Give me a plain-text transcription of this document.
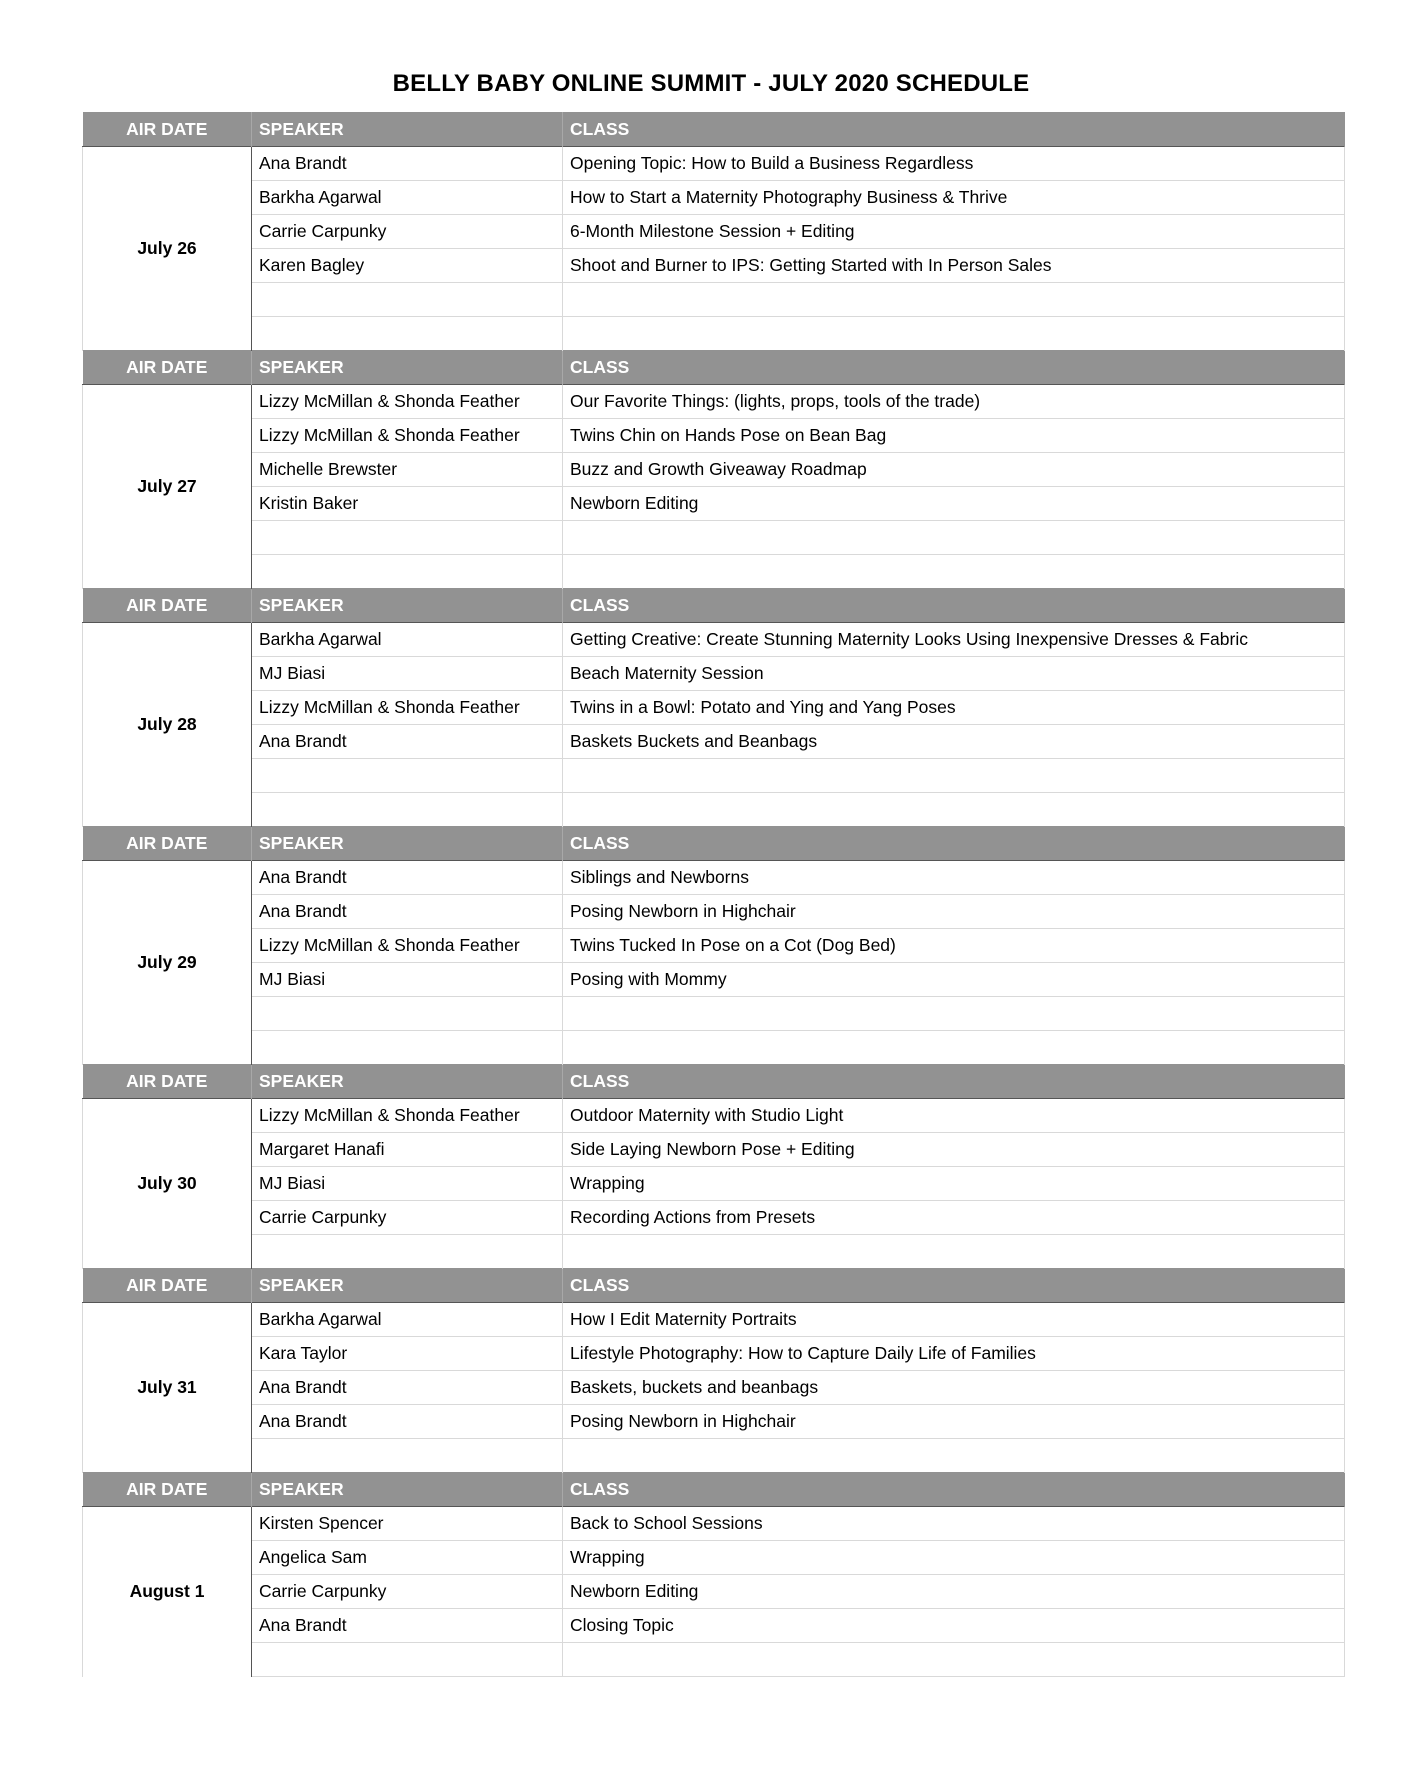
BELLY BABY ONLINE SUMMIT - JULY 2020 SCHEDULE
AIR DATE	SPEAKER	CLASS
July 26	Ana Brandt	Opening Topic: How to Build a Business Regardless
	Barkha Agarwal	How to Start a Maternity Photography Business & Thrive
	Carrie Carpunky	6-Month Milestone Session + Editing
	Karen Bagley	Shoot and Burner to IPS: Getting Started with In Person Sales

AIR DATE	SPEAKER	CLASS
July 27	Lizzy McMillan & Shonda Feather	Our Favorite Things: (lights, props, tools of the trade)
	Lizzy McMillan & Shonda Feather	Twins Chin on Hands Pose on Bean Bag
	Michelle Brewster	Buzz and Growth Giveaway Roadmap
	Kristin Baker	Newborn Editing

AIR DATE	SPEAKER	CLASS
July 28	Barkha Agarwal	Getting Creative: Create Stunning Maternity Looks Using Inexpensive Dresses & Fabric
	MJ Biasi	Beach Maternity Session
	Lizzy McMillan & Shonda Feather	Twins in a Bowl: Potato and Ying and Yang Poses
	Ana Brandt	Baskets Buckets and Beanbags

AIR DATE	SPEAKER	CLASS
July 29	Ana Brandt	Siblings and Newborns
	Ana Brandt	Posing Newborn in Highchair
	Lizzy McMillan & Shonda Feather	Twins Tucked In Pose on a Cot (Dog Bed)
	MJ Biasi	Posing with Mommy

AIR DATE	SPEAKER	CLASS
July 30	Lizzy McMillan & Shonda Feather	Outdoor Maternity with Studio Light
	Margaret Hanafi	Side Laying Newborn Pose + Editing
	MJ Biasi	Wrapping
	Carrie Carpunky	Recording Actions from Presets

AIR DATE	SPEAKER	CLASS
July 31	Barkha Agarwal	How I Edit Maternity Portraits
	Kara Taylor	Lifestyle Photography: How to Capture Daily Life of Families
	Ana Brandt	Baskets, buckets and beanbags
	Ana Brandt	Posing Newborn in Highchair

AIR DATE	SPEAKER	CLASS
August 1	Kirsten Spencer	Back to School Sessions
	Angelica Sam	Wrapping
	Carrie Carpunky	Newborn Editing
	Ana Brandt	Closing Topic
